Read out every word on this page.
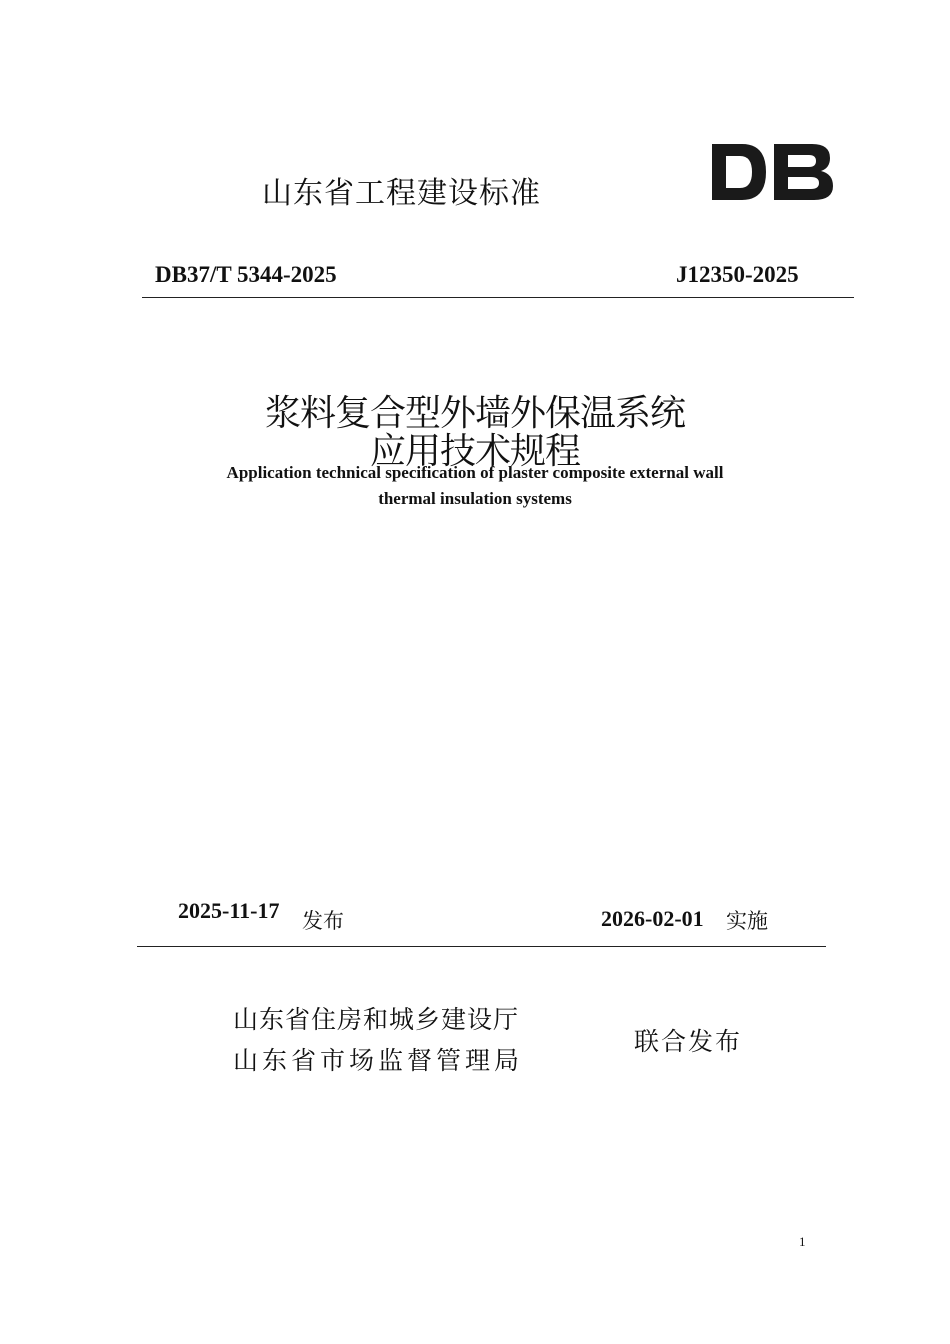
山东省工程建设标准
DB37/T 5344-2025	J12350-2025
浆料复合型外墙外保温系统
应用技术规程
Application technical specification of plaster composite external wall
thermal insulation systems
2025-11-17 发布	2026-02-01 实施
山东省住房和城乡建设厅
山东省市场监督管理局
联合发布
1
